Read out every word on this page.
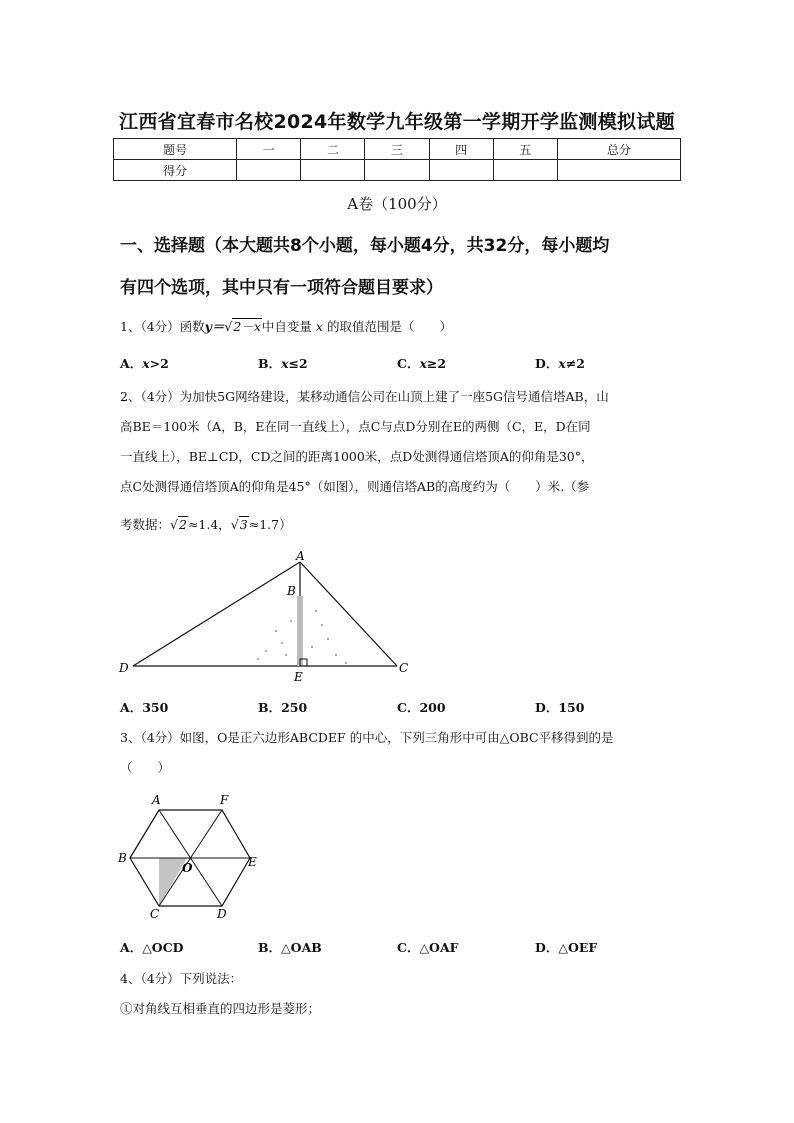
江西省宜春市名校2024年数学九年级第一学期开学监测模拟试题
题号	一	二	三	四	五	总分
得分						
A卷（100分）
一、选择题（本大题共8个小题，每小题4分，共32分，每小题均
有四个选项，其中只有一项符合题目要求）
1、（4分）函数y＝√2－x中自变量 x 的取值范围是（　　）
A．x>2	B．x≤2	C．x≥2	D．x≠2
2、（4分）为加快5G网络建设，某移动通信公司在山顶上建了一座5G信号通信塔AB，山
高BE＝100米（A，B，E在同一直线上），点C与点D分别在E的两侧（C，E，D在同
一直线上），BE⊥CD，CD之间的距离1000米，点D处测得通信塔顶A的仰角是30°，
点C处测得通信塔顶A的仰角是45°（如图），则通信塔AB的高度约为（　　）米.（参
考数据：√2≈1.4，√3≈1.7）
A
B
D	C
E
A．350	B．250	C．200	D．150
3、（4分）如图，O是正六边形ABCDEF 的中心，下列三角形中可由△OBC平移得到的是
（　　）
A	F
B	E
O
C	D
A．△OCD	B．△OAB	C．△OAF	D．△OEF
4、（4分）下列说法：
①对角线互相垂直的四边形是菱形；
